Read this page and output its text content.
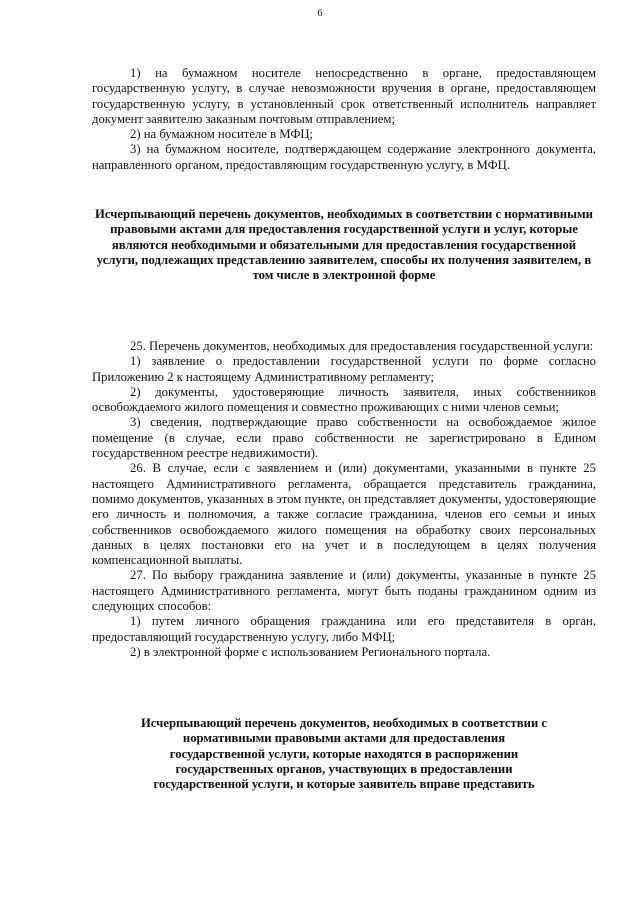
6

1) на бумажном носителе непосредственно в органе, предоставляющем государственную услугу, в случае невозможности вручения в органе, предоставляющем государственную услугу, в установленный срок ответственный исполнитель направляет документ заявителю заказным почтовым отправлением;

2) на бумажном носителе в МФЦ;

3) на бумажном носителе, подтверждающем содержание электронного документа, направленного органом, предоставляющим государственную услугу, в МФЦ.

Исчерпывающий перечень документов, необходимых в соответствии с нормативными правовыми актами для предоставления государственной услуги и услуг, которые являются необходимыми и обязательными для предоставления государственной услуги, подлежащих представлению заявителем, способы их получения заявителем, в том числе в электронной форме

25. Перечень документов, необходимых для предоставления государственной услуги:

1) заявление о предоставлении государственной услуги по форме согласно Приложению 2 к настоящему Административному регламенту;

2) документы, удостоверяющие личность заявителя, иных собственников освобождаемого жилого помещения и совместно проживающих с ними членов семьи;

3) сведения, подтверждающие право собственности на освобождаемое жилое помещение (в случае, если право собственности не зарегистрировано в Едином государственном реестре недвижимости).

26. В случае, если с заявлением и (или) документами, указанными в пункте 25 настоящего Административного регламента, обращается представитель гражданина, помимо документов, указанных в этом пункте, он представляет документы, удостоверяющие его личность и полномочия, а также согласие гражданина, членов его семьи и иных собственников освобождаемого жилого помещения на обработку своих персональных данных в целях постановки его на учет и в последующем в целях получения компенсационной выплаты.

27. По выбору гражданина заявление и (или) документы, указанные в пункте 25 настоящего Административного регламента, могут быть поданы гражданином одним из следующих способов:

1) путем личного обращения гражданина или его представителя в орган, предоставляющий государственную услугу, либо МФЦ;

2) в электронной форме с использованием Регионального портала.

Исчерпывающий перечень документов, необходимых в соответствии с нормативными правовыми актами для предоставления государственной услуги, которые находятся в распоряжении государственных органов, участвующих в предоставлении государственной услуги, и которые заявитель вправе представить
